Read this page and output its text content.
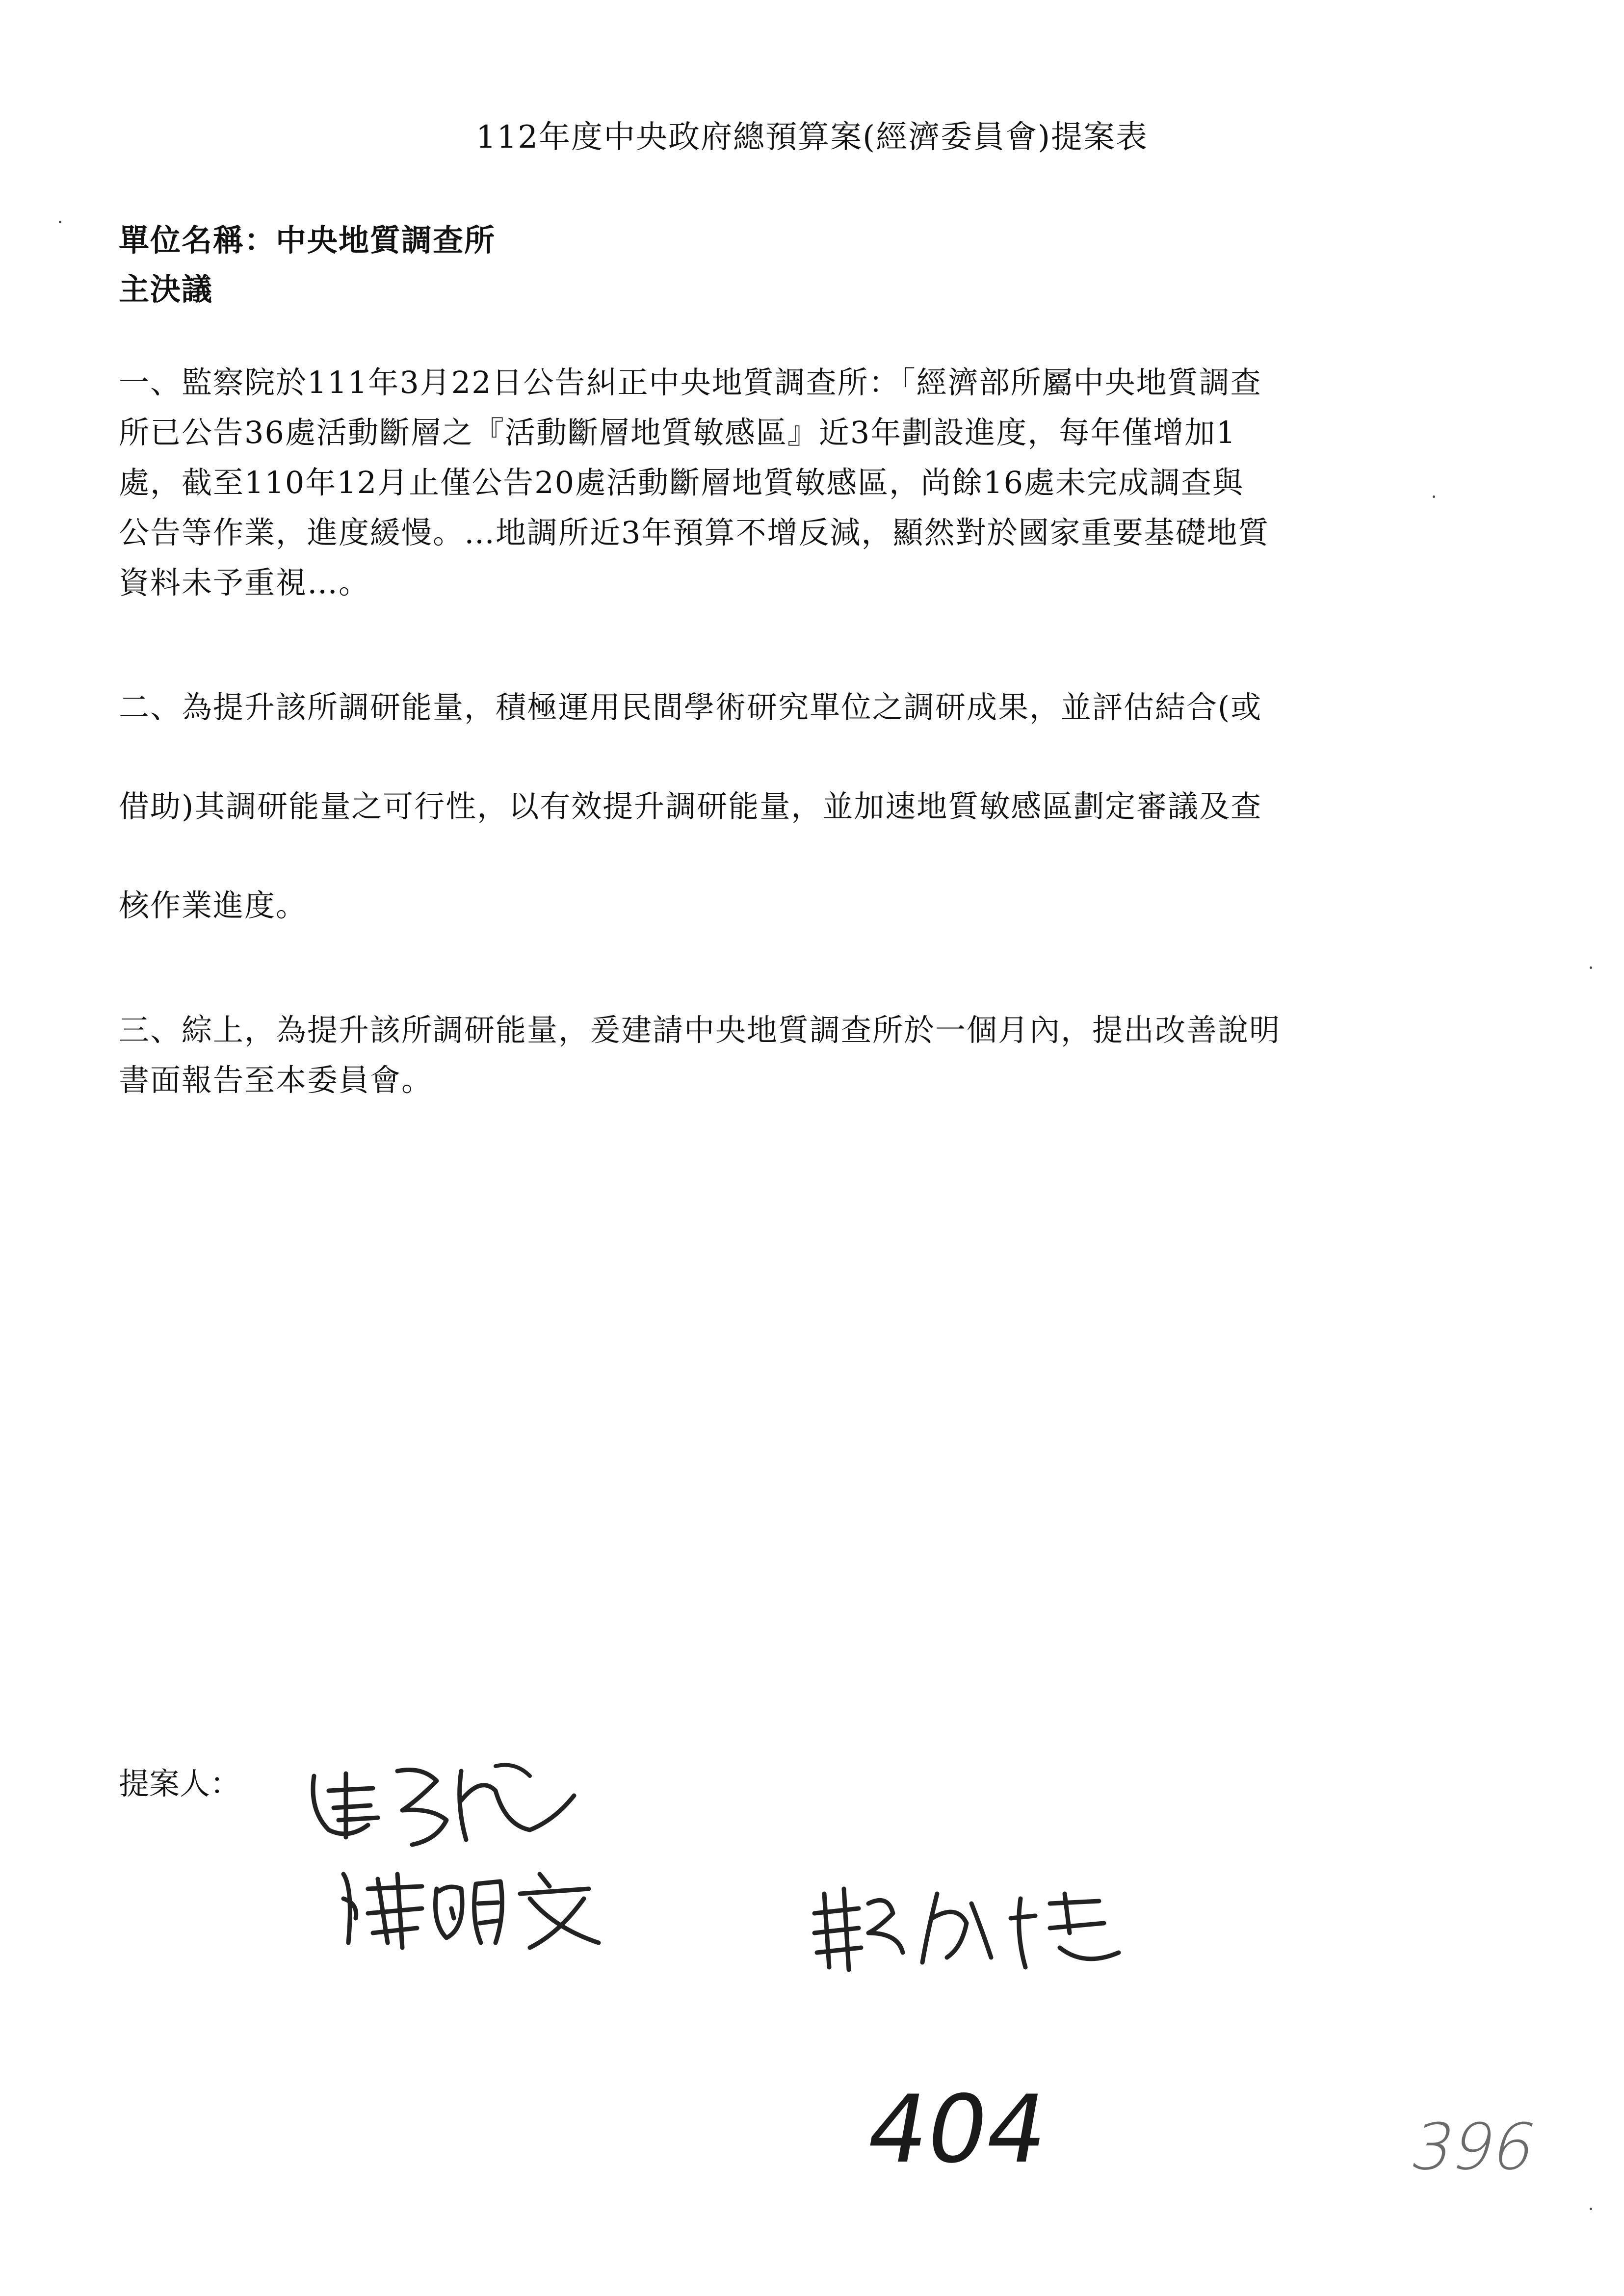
112年度中央政府總預算案(經濟委員會)提案表
單位名稱：中央地質調查所
主決議
一、監察院於111年3月22日公告糾正中央地質調查所：「經濟部所屬中央地質調查
所已公告36處活動斷層之『活動斷層地質敏感區』近3年劃設進度，每年僅增加1
處，截至110年12月止僅公告20處活動斷層地質敏感區，尚餘16處未完成調查與
公告等作業，進度緩慢。…地調所近3年預算不增反減，顯然對於國家重要基礎地質
資料未予重視…。
二、為提升該所調研能量，積極運用民間學術研究單位之調研成果，並評估結合(或
借助)其調研能量之可行性，以有效提升調研能量，並加速地質敏感區劃定審議及查
核作業進度。
三、綜上，為提升該所調研能量，爰建請中央地質調查所於一個月內，提出改善說明
書面報告至本委員會。
提案人：
404	396
